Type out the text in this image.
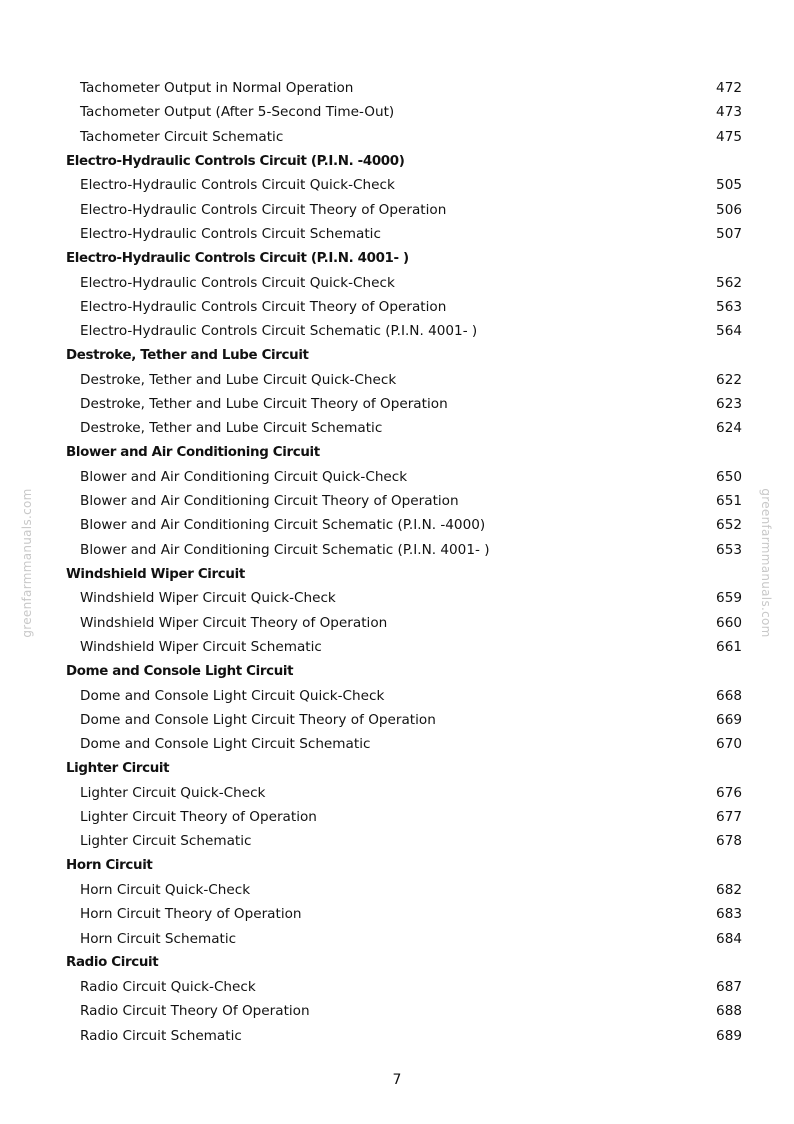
Tachometer Output in Normal Operation	472
Tachometer Output (After 5-Second Time-Out)	473
Tachometer Circuit Schematic	475
Electro-Hydraulic Controls Circuit (P.I.N. -4000)
Electro-Hydraulic Controls Circuit Quick-Check	505
Electro-Hydraulic Controls Circuit Theory of Operation	506
Electro-Hydraulic Controls Circuit Schematic	507
Electro-Hydraulic Controls Circuit (P.I.N. 4001- )
Electro-Hydraulic Controls Circuit Quick-Check	562
Electro-Hydraulic Controls Circuit Theory of Operation	563
Electro-Hydraulic Controls Circuit Schematic (P.I.N. 4001- )	564
Destroke, Tether and Lube Circuit
Destroke, Tether and Lube Circuit Quick-Check	622
Destroke, Tether and Lube Circuit Theory of Operation	623
Destroke, Tether and Lube Circuit Schematic	624
Blower and Air Conditioning Circuit
Blower and Air Conditioning Circuit Quick-Check	650
Blower and Air Conditioning Circuit Theory of Operation	651
Blower and Air Conditioning Circuit Schematic (P.I.N. -4000)	652
Blower and Air Conditioning Circuit Schematic (P.I.N. 4001- )	653
Windshield Wiper Circuit
Windshield Wiper Circuit Quick-Check	659
Windshield Wiper Circuit Theory of Operation	660
Windshield Wiper Circuit Schematic	661
Dome and Console Light Circuit
Dome and Console Light Circuit Quick-Check	668
Dome and Console Light Circuit Theory of Operation	669
Dome and Console Light Circuit Schematic	670
Lighter Circuit
Lighter Circuit Quick-Check	676
Lighter Circuit Theory of Operation	677
Lighter Circuit Schematic	678
Horn Circuit
Horn Circuit Quick-Check	682
Horn Circuit Theory of Operation	683
Horn Circuit Schematic	684
Radio Circuit
Radio Circuit Quick-Check	687
Radio Circuit Theory Of Operation	688
Radio Circuit Schematic	689
7
greenfarmmanuals.com	greenfarmmanuals.com
